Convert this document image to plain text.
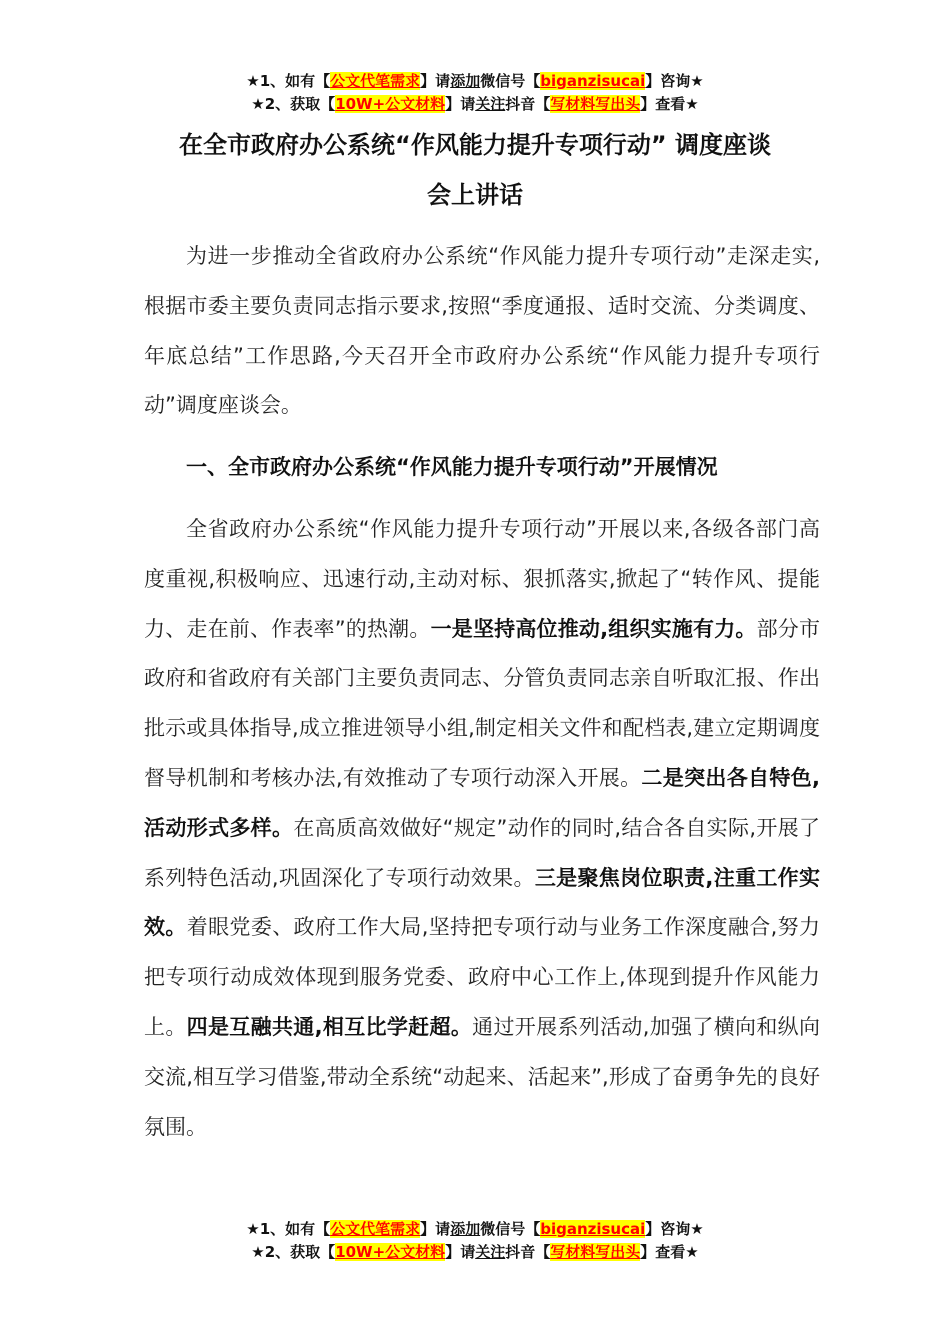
★1、如有【公文代笔需求】请添加微信号【biganzisucai】咨询★
★2、获取【10W+公文材料】请关注抖音【写材料写出头】查看★
在全市政府办公系统“作风能力提升专项行动” 调度座谈
会上讲话
为进一步推动全省政府办公系统“作风能力提升专项行动”走深走实,根据市委主要负责同志指示要求,按照“季度通报、适时交流、分类调度、年底总结”工作思路,今天召开全市政府办公系统“作风能力提升专项行动”调度座谈会。
一、全市政府办公系统“作风能力提升专项行动”开展情况
全省政府办公系统“作风能力提升专项行动”开展以来,各级各部门高度重视,积极响应、迅速行动,主动对标、狠抓落实,掀起了“转作风、提能力、走在前、作表率”的热潮。一是坚持高位推动,组织实施有力。部分市政府和省政府有关部门主要负责同志、分管负责同志亲自听取汇报、作出批示或具体指导,成立推进领导小组,制定相关文件和配档表,建立定期调度督导机制和考核办法,有效推动了专项行动深入开展。二是突出各自特色,活动形式多样。在高质高效做好“规定”动作的同时,结合各自实际,开展了系列特色活动,巩固深化了专项行动效果。三是聚焦岗位职责,注重工作实效。着眼党委、政府工作大局,坚持把专项行动与业务工作深度融合,努力把专项行动成效体现到服务党委、政府中心工作上,体现到提升作风能力上。四是互融共通,相互比学赶超。通过开展系列活动,加强了横向和纵向交流,相互学习借鉴,带动全系统“动起来、活起来”,形成了奋勇争先的良好氛围。
★1、如有【公文代笔需求】请添加微信号【biganzisucai】咨询★
★2、获取【10W+公文材料】请关注抖音【写材料写出头】查看★
